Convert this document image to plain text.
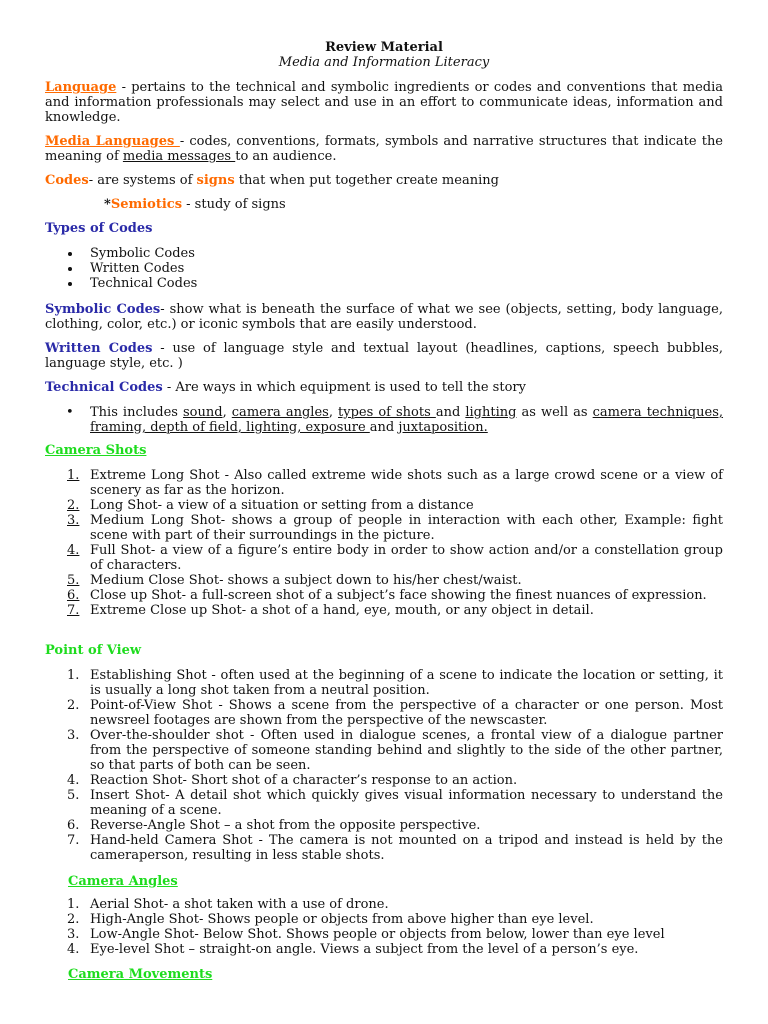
Review Material

Media and Information Literacy

Language - pertains to the technical and symbolic ingredients or codes and conventions that media and information professionals may select and use in an effort to communicate ideas, information and knowledge.

Media Languages - codes, conventions, formats, symbols and narrative structures that indicate the meaning of media messages to an audience.

Codes- are systems of signs that when put together create meaning

*Semiotics - study of signs

Types of Codes

Symbolic Codes
Written Codes
Technical Codes

Symbolic Codes- show what is beneath the surface of what we see (objects, setting, body language, clothing, color, etc.) or iconic symbols that are easily understood.

Written Codes - use of language style and textual layout (headlines, captions, speech bubbles, language style, etc. )

Technical Codes - Are ways in which equipment is used to tell the story

• This includes sound, camera angles, types of shots and lighting as well as camera techniques, framing, depth of field, lighting, exposure and juxtaposition.

Camera Shots

1. Extreme Long Shot - Also called extreme wide shots such as a large crowd scene or a view of scenery as far as the horizon.
2. Long Shot- a view of a situation or setting from a distance
3. Medium Long Shot- shows a group of people in interaction with each other, Example: fight scene with part of their surroundings in the picture.
4. Full Shot- a view of a figure’s entire body in order to show action and/or a constellation group of characters.
5. Medium Close Shot- shows a subject down to his/her chest/waist.
6. Close up Shot- a full-screen shot of a subject’s face showing the finest nuances of expression.
7. Extreme Close up Shot- a shot of a hand, eye, mouth, or any object in detail.

Point of View

1. Establishing Shot - often used at the beginning of a scene to indicate the location or setting, it is usually a long shot taken from a neutral position.
2. Point-of-View Shot - Shows a scene from the perspective of a character or one person. Most newsreel footages are shown from the perspective of the newscaster.
3. Over-the-shoulder shot - Often used in dialogue scenes, a frontal view of a dialogue partner from the perspective of someone standing behind and slightly to the side of the other partner, so that parts of both can be seen.
4. Reaction Shot- Short shot of a character’s response to an action.
5. Insert Shot- A detail shot which quickly gives visual information necessary to understand the meaning of a scene.
6. Reverse-Angle Shot – a shot from the opposite perspective.
7. Hand-held Camera Shot - The camera is not mounted on a tripod and instead is held by the cameraperson, resulting in less stable shots.

Camera Angles

1. Aerial Shot- a shot taken with a use of drone.
2. High-Angle Shot- Shows people or objects from above higher than eye level.
3. Low-Angle Shot- Below Shot. Shows people or objects from below, lower than eye level
4. Eye-level Shot – straight-on angle. Views a subject from the level of a person’s eye.

Camera Movements
